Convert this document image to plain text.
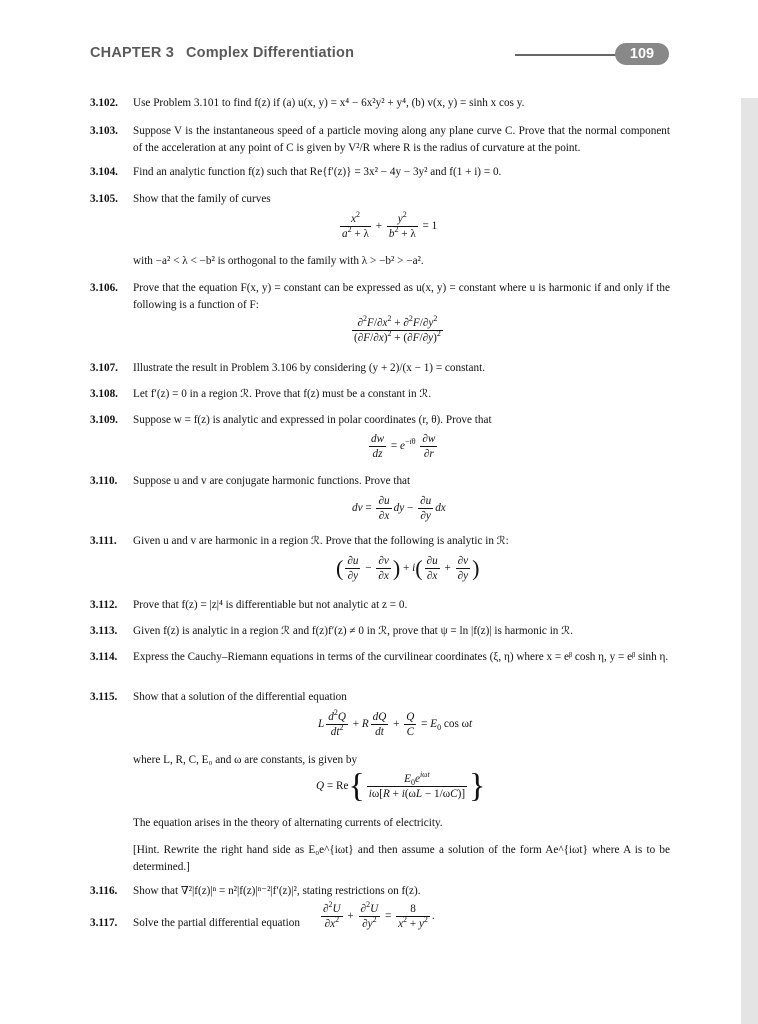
CHAPTER 3 Complex Differentiation	109
3.102. Use Problem 3.101 to find f(z) if (a) u(x, y) = x⁴ − 6x²y² + y⁴, (b) v(x, y) = sinh x cos y.
3.103. Suppose V is the instantaneous speed of a particle moving along any plane curve C. Prove that the normal component of the acceleration at any point of C is given by V²/R where R is the radius of curvature at the point.
3.104. Find an analytic function f(z) such that Re{f′(z)} = 3x² − 4y − 3y² and f(1 + i) = 0.
3.105. Show that the family of curves
$\frac{x^2}{a^2 + \lambda} + \frac{y^2}{b^2 + \lambda} = 1$
with −a² < λ < −b² is orthogonal to the family with λ > −b² > −a².
3.106. Prove that the equation F(x, y) = constant can be expressed as u(x, y) = constant where u is harmonic if and only if the following is a function of F:
$\frac{\partial^2F/\partial x^2 + \partial^2F/\partial y^2}{(\partial F/\partial x)^2 + (\partial F/\partial y)^2}$
3.107. Illustrate the result in Problem 3.106 by considering (y + 2)/(x − 1) = constant.
3.108. Let f′(z) = 0 in a region ℛ. Prove that f(z) must be a constant in ℛ.
3.109. Suppose w = f(z) is analytic and expressed in polar coordinates (r, θ). Prove that
$\frac{dw}{dz} = e^{-i\theta} \frac{\partial w}{\partial r}$
3.110. Suppose u and v are conjugate harmonic functions. Prove that
dv = $\frac{\partial u}{\partial x}$ dy − $\frac{\partial u}{\partial y}$ dx
3.111. Given u and v are harmonic in a region ℛ. Prove that the following is analytic in ℛ:
( $\frac{\partial u}{\partial y} - \frac{\partial v}{\partial x}$ ) + $i( \frac{\partial u}{\partial x} + \frac{\partial v}{\partial y}$ )
3.112. Prove that f(z) = |z|⁴ is differentiable but not analytic at z = 0.
3.113. Given f(z) is analytic in a region ℛ and f(z)f′(z) ≠ 0 in ℛ, prove that ψ = ln |f(z)| is harmonic in ℛ.
3.114. Express the Cauchy–Riemann equations in terms of the curvilinear coordinates (ξ, η) where x = eᵝ cosh η, y = eᵝ sinh η.
3.115. Show that a solution of the differential equation
L $\frac{d^2Q}{dt^2} + R \frac{dQ}{dt} + \frac{Q}{C} = E_0$ cos ωt
where L, R, C, E₀ and ω are constants, is given by
$Q = Re\{ \frac{E_0e^{i\omega t}}{i\omega[R + i(\omega L - 1/\omega C)]}$ }
The equation arises in the theory of alternating currents of electricity.
[Hint. Rewrite the right hand side as E₀e^{iωt} and then assume a solution of the form Ae^{iωt} where A is to be determined.]
3.116. Show that ∇²|f(z)|ⁿ = n²|f(z)|ⁿ⁻²|f′(z)|², stating restrictions on f(z).
3.117. Solve the partial differential equation	$\frac{\partial^2U}{\partial x^2} + \frac{\partial^2U}{\partial y^2} = \frac{8}{x^2 + y^2}$ .
